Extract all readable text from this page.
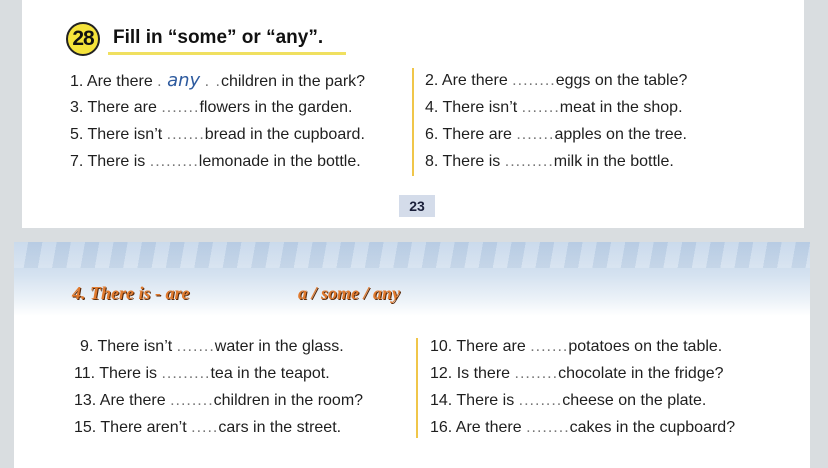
28	Fill in “some” or “any”.
1. Are there . any . .children in the park?	2. Are there ........eggs on the table?
3. There are .......flowers in the garden.	4. There isn’t .......meat in the shop.
5. There isn’t .......bread in the cupboard.	6. There are .......apples on the tree.
7. There is .........lemonade in the bottle.	8. There is .........milk in the bottle.
23
4. There is - are	a / some / any
9. There isn’t .......water in the glass.	10. There are .......potatoes on the table.
11. There is .........tea in the teapot.	12. Is there ........chocolate in the fridge?
13. Are there ........children in the room?	14. There is ........cheese on the plate.
15. There aren’t .....cars in the street.	16. Are there ........cakes in the cupboard?
